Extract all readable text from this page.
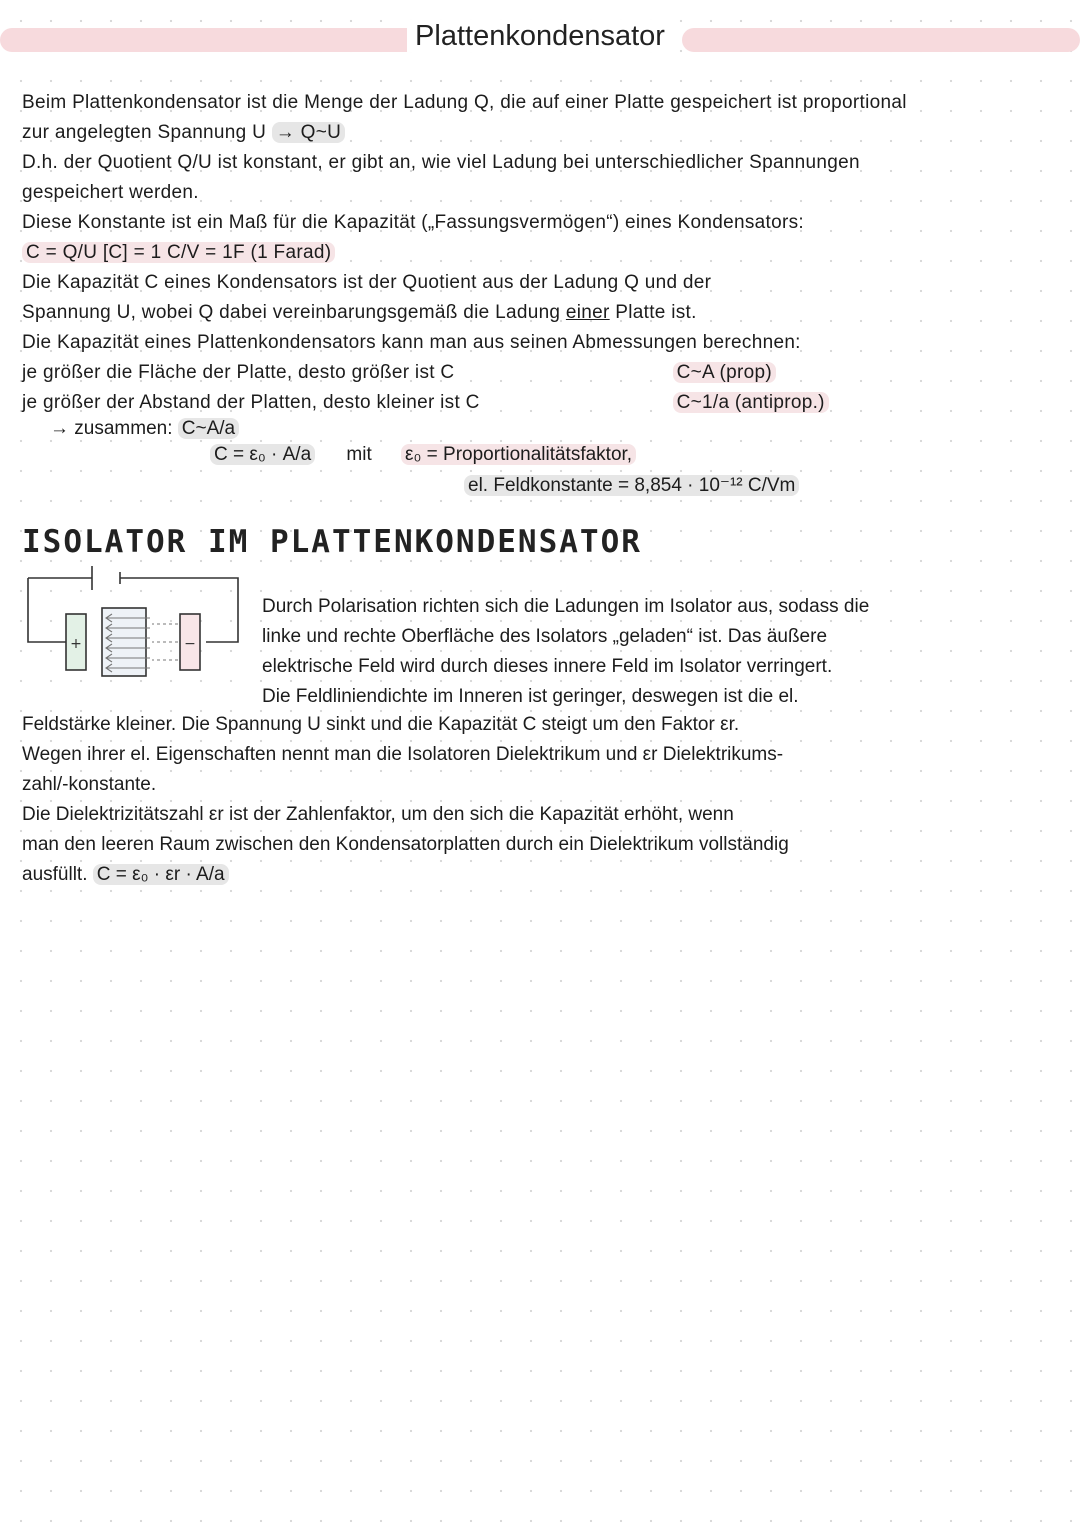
Plattenkondensator
Beim Plattenkondensator ist die Menge der Ladung Q, die auf einer Platte gespeichert ist proportional
zur angelegten Spannung U → Q~U
D.h. der Quotient Q/U ist konstant, er gibt an, wie viel Ladung bei unterschiedlicher Spannungen
gespeichert werden.
Diese Konstante ist ein Maß für die Kapazität („Fassungsvermögen“) eines Kondensators:
C = Q/U [C] = 1 C/V = 1F (1 Farad)
Die Kapazität C eines Kondensators ist der Quotient aus der Ladung Q und der
Spannung U, wobei Q dabei vereinbarungsgemäß die Ladung einer Platte ist.
Die Kapazität eines Plattenkondensators kann man aus seinen Abmessungen berechnen:
je größer die Fläche der Platte, desto größer ist C	C~A (prop)
je größer der Abstand der Platten, desto kleiner ist C	C~1/a (antiprop.)
→ zusammen: C~A/a
C = ε₀ · A/a mit ε₀ = Proportionalitätsfaktor,
el. Feldkonstante = 8,854 · 10⁻¹² C/Vm
ISOLATOR IM PLATTENKONDENSATOR
+	−
Durch Polarisation richten sich die Ladungen im Isolator aus, sodass die
linke und rechte Oberfläche des Isolators „geladen“ ist. Das äußere
elektrische Feld wird durch dieses innere Feld im Isolator verringert.
Die Feldliniendichte im Inneren ist geringer, deswegen ist die el.
Feldstärke kleiner. Die Spannung U sinkt und die Kapazität C steigt um den Faktor εr.
Wegen ihrer el. Eigenschaften nennt man die Isolatoren Dielektrikum und εr Dielektrikums-
zahl/-konstante.
Die Dielektrizitätszahl εr ist der Zahlenfaktor, um den sich die Kapazität erhöht, wenn
man den leeren Raum zwischen den Kondensatorplatten durch ein Dielektrikum vollständig
ausfüllt. C = ε₀ · εr · A/a
